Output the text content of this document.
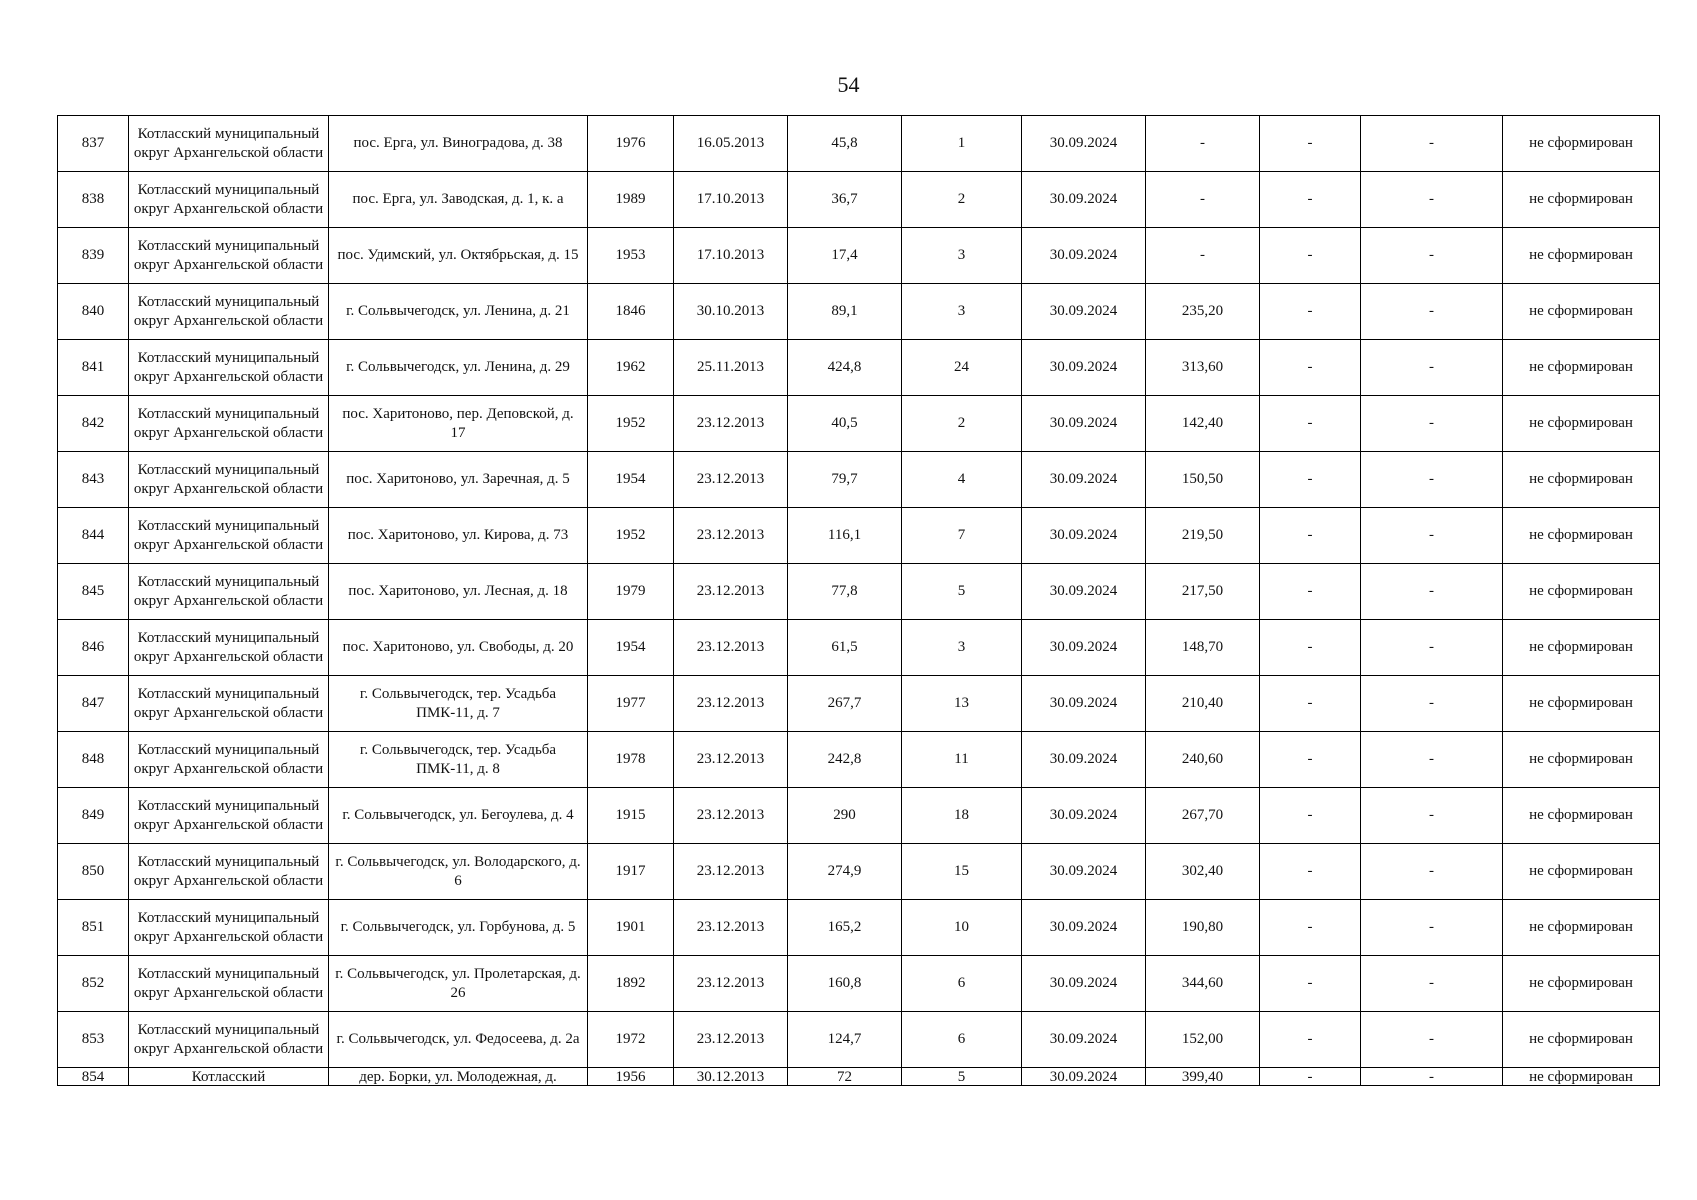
54
837	Котласский муниципальный округ Архангельской области	пос. Ерга, ул. Виноградова, д. 38	1976	16.05.2013	45,8	1	30.09.2024	-	-	-	не сформирован
838	Котласский муниципальный округ Архангельской области	пос. Ерга, ул. Заводская, д. 1, к. а	1989	17.10.2013	36,7	2	30.09.2024	-	-	-	не сформирован
839	Котласский муниципальный округ Архангельской области	пос. Удимский, ул. Октябрьская, д. 15	1953	17.10.2013	17,4	3	30.09.2024	-	-	-	не сформирован
840	Котласский муниципальный округ Архангельской области	г. Сольвычегодск, ул. Ленина, д. 21	1846	30.10.2013	89,1	3	30.09.2024	235,20	-	-	не сформирован
841	Котласский муниципальный округ Архангельской области	г. Сольвычегодск, ул. Ленина, д. 29	1962	25.11.2013	424,8	24	30.09.2024	313,60	-	-	не сформирован
842	Котласский муниципальный округ Архангельской области	пос. Харитоново, пер. Деповской, д. 17	1952	23.12.2013	40,5	2	30.09.2024	142,40	-	-	не сформирован
843	Котласский муниципальный округ Архангельской области	пос. Харитоново, ул. Заречная, д. 5	1954	23.12.2013	79,7	4	30.09.2024	150,50	-	-	не сформирован
844	Котласский муниципальный округ Архангельской области	пос. Харитоново, ул. Кирова, д. 73	1952	23.12.2013	116,1	7	30.09.2024	219,50	-	-	не сформирован
845	Котласский муниципальный округ Архангельской области	пос. Харитоново, ул. Лесная, д. 18	1979	23.12.2013	77,8	5	30.09.2024	217,50	-	-	не сформирован
846	Котласский муниципальный округ Архангельской области	пос. Харитоново, ул. Свободы, д. 20	1954	23.12.2013	61,5	3	30.09.2024	148,70	-	-	не сформирован
847	Котласский муниципальный округ Архангельской области	г. Сольвычегодск, тер. Усадьба ПМК-11, д. 7	1977	23.12.2013	267,7	13	30.09.2024	210,40	-	-	не сформирован
848	Котласский муниципальный округ Архангельской области	г. Сольвычегодск, тер. Усадьба ПМК-11, д. 8	1978	23.12.2013	242,8	11	30.09.2024	240,60	-	-	не сформирован
849	Котласский муниципальный округ Архангельской области	г. Сольвычегодск, ул. Бегоулева, д. 4	1915	23.12.2013	290	18	30.09.2024	267,70	-	-	не сформирован
850	Котласский муниципальный округ Архангельской области	г. Сольвычегодск, ул. Володарского, д. 6	1917	23.12.2013	274,9	15	30.09.2024	302,40	-	-	не сформирован
851	Котласский муниципальный округ Архангельской области	г. Сольвычегодск, ул. Горбунова, д. 5	1901	23.12.2013	165,2	10	30.09.2024	190,80	-	-	не сформирован
852	Котласский муниципальный округ Архангельской области	г. Сольвычегодск, ул. Пролетарская, д. 26	1892	23.12.2013	160,8	6	30.09.2024	344,60	-	-	не сформирован
853	Котласский муниципальный округ Архангельской области	г. Сольвычегодск, ул. Федосеева, д. 2а	1972	23.12.2013	124,7	6	30.09.2024	152,00	-	-	не сформирован
854	Котласский	дер. Борки, ул. Молодежная, д.	1956	30.12.2013	72	5	30.09.2024	399,40	-	-	не сформирован
